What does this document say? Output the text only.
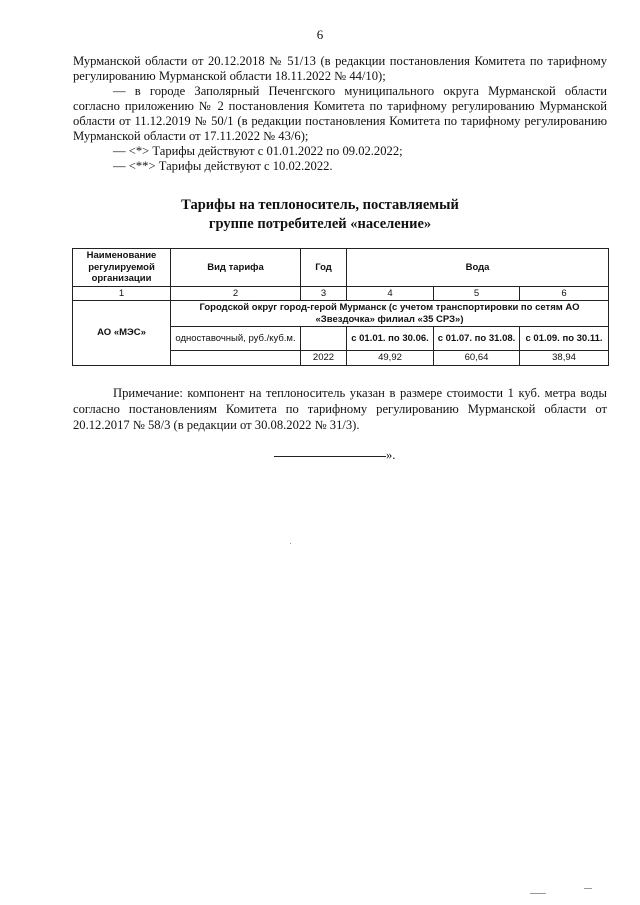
6

Мурманской области от 20.12.2018 № 51/13 (в редакции постановления Комитета по тарифному регулированию Мурманской области 18.11.2022 № 44/10);

— в городе Заполярный Печенгского муниципального округа Мурманской области согласно приложению № 2 постановления Комитета по тарифному регулированию Мурманской области от 11.12.2019 № 50/1 (в редакции постановления Комитета по тарифному регулированию Мурманской области от 17.11.2022 № 43/6);

— <*> Тарифы действуют с 01.01.2022 по 09.02.2022;

— <**> Тарифы действуют с 10.02.2022.

Тарифы на теплоноситель, поставляемый
группе потребителей «население»
Наименование регулируемой организации	Вид тарифа	Год	Вода		
1	2	3	4	5	6
АО «МЭС»	Городской округ город-герой Мурманск (с учетом транспортировки по сетям АО «Звездочка» филиал «35 СРЗ»)				
	одноставочный, руб./куб.м.		с 01.01. по 30.06.	с 01.07. по 31.08.	с 01.09. по 30.11.

		2022	49,92	60,64	38,94
Примечание: компонент на теплоноситель указан в размере стоимости 1 куб. метра воды согласно постановлениям Комитета по тарифному регулированию Мурманской области от 20.12.2017 № 58/3 (в редакции от 30.08.2022 № 31/3).
».
